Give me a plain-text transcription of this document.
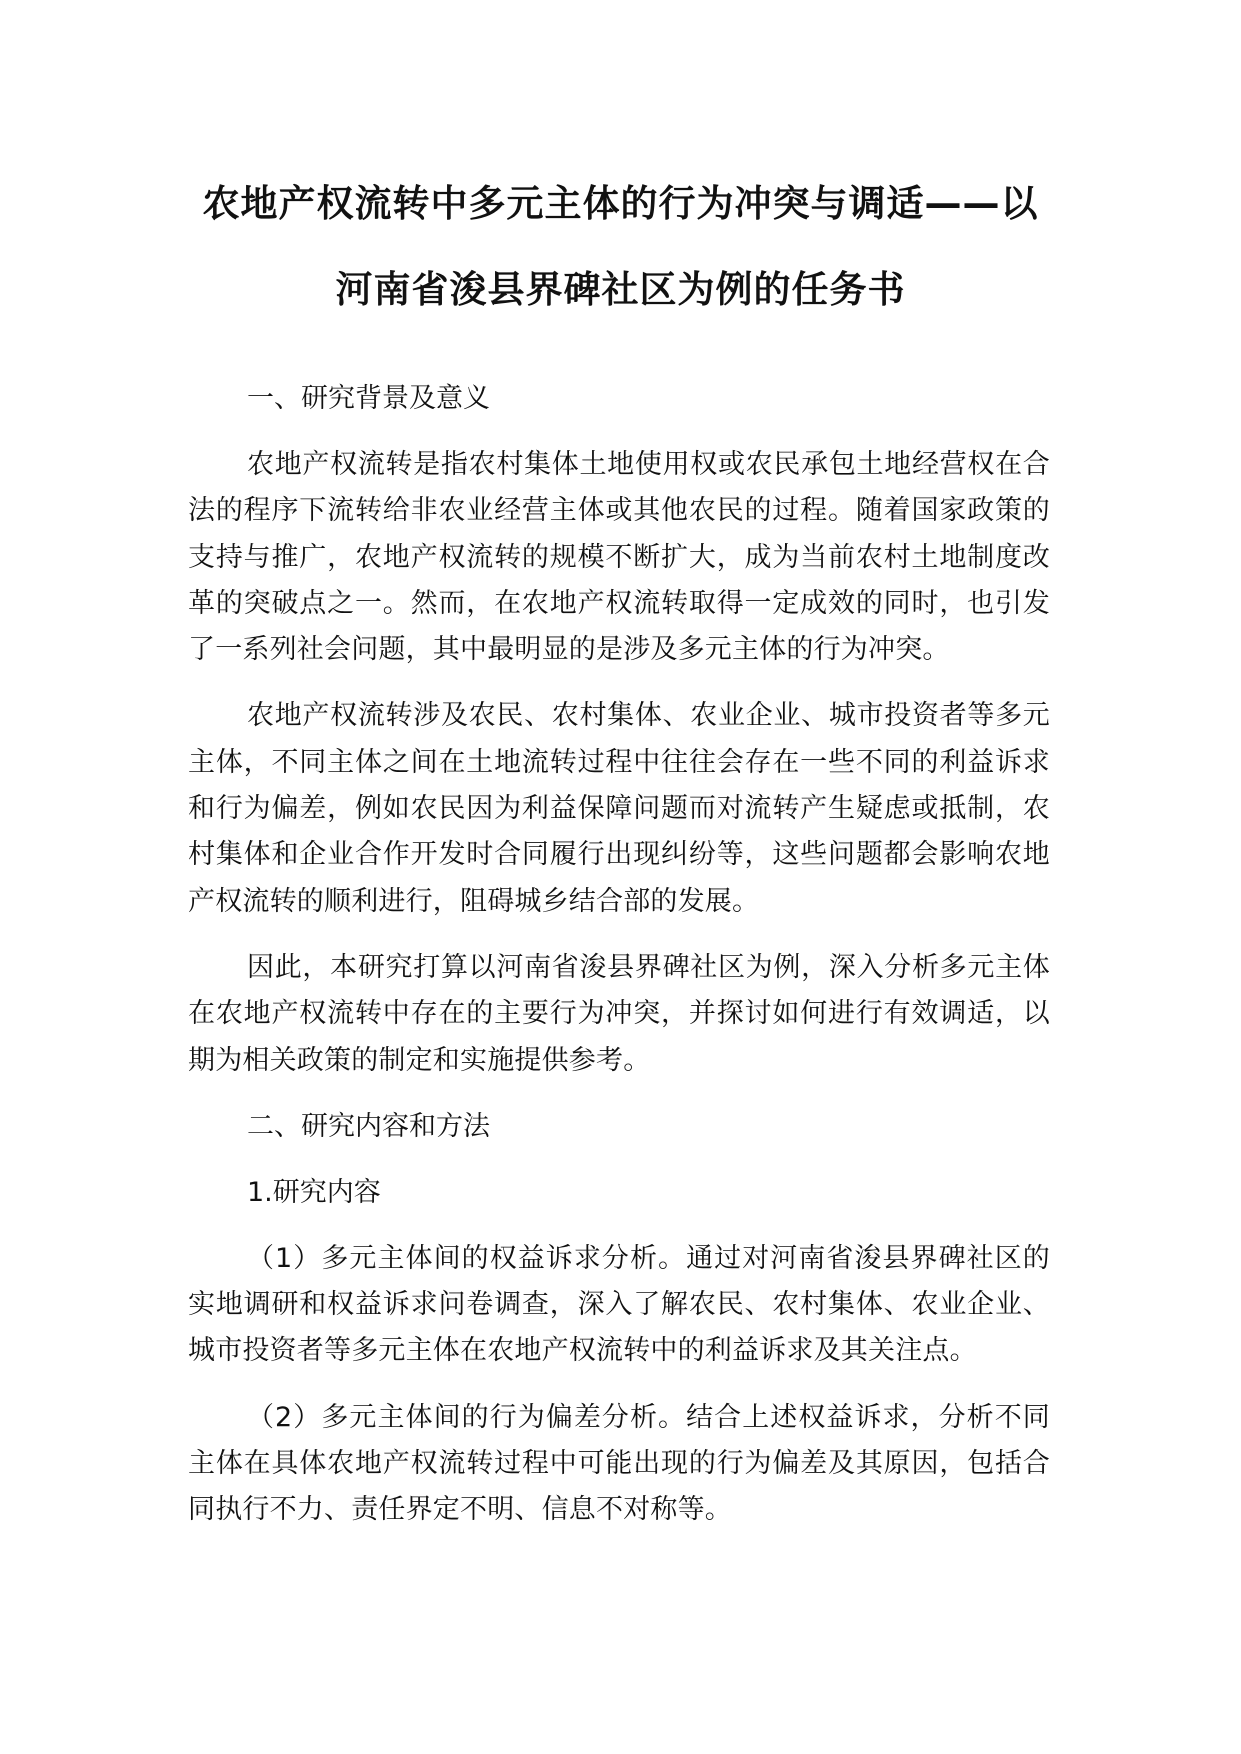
农地产权流转中多元主体的行为冲突与调适——以
河南省浚县界碑社区为例的任务书

一、研究背景及意义

农地产权流转是指农村集体土地使用权或农民承包土地经营权在合法的程序下流转给非农业经营主体或其他农民的过程。随着国家政策的支持与推广，农地产权流转的规模不断扩大，成为当前农村土地制度改革的突破点之一。然而，在农地产权流转取得一定成效的同时，也引发了一系列社会问题，其中最明显的是涉及多元主体的行为冲突。

农地产权流转涉及农民、农村集体、农业企业、城市投资者等多元主体，不同主体之间在土地流转过程中往往会存在一些不同的利益诉求和行为偏差，例如农民因为利益保障问题而对流转产生疑虑或抵制，农村集体和企业合作开发时合同履行出现纠纷等，这些问题都会影响农地产权流转的顺利进行，阻碍城乡结合部的发展。

因此，本研究打算以河南省浚县界碑社区为例，深入分析多元主体在农地产权流转中存在的主要行为冲突，并探讨如何进行有效调适，以期为相关政策的制定和实施提供参考。

二、研究内容和方法

1.研究内容

（1）多元主体间的权益诉求分析。通过对河南省浚县界碑社区的实地调研和权益诉求问卷调查，深入了解农民、农村集体、农业企业、城市投资者等多元主体在农地产权流转中的利益诉求及其关注点。

（2）多元主体间的行为偏差分析。结合上述权益诉求，分析不同主体在具体农地产权流转过程中可能出现的行为偏差及其原因，包括合同执行不力、责任界定不明、信息不对称等。
